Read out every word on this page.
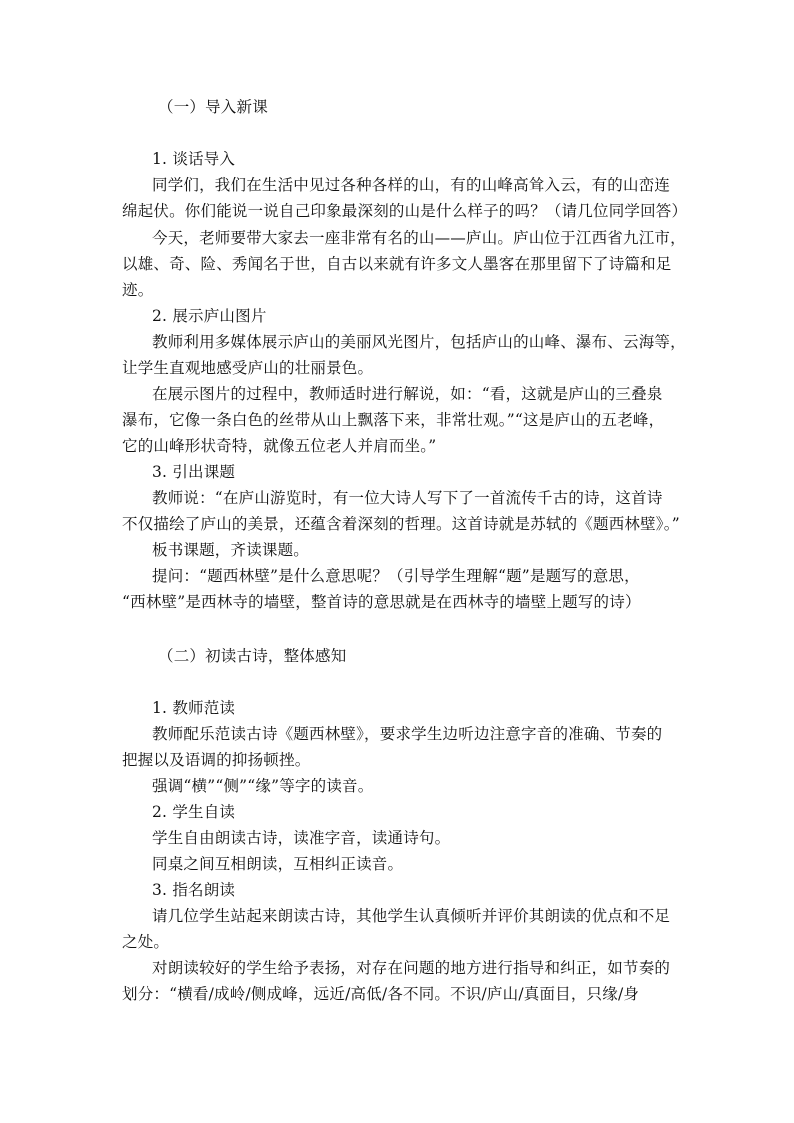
（一）导入新课
1. 谈话导入
同学们，我们在生活中见过各种各样的山，有的山峰高耸入云，有的山峦连
绵起伏。你们能说一说自己印象最深刻的山是什么样子的吗？（请几位同学回答）
今天，老师要带大家去一座非常有名的山——庐山。庐山位于江西省九江市，
以雄、奇、险、秀闻名于世，自古以来就有许多文人墨客在那里留下了诗篇和足
迹。
2. 展示庐山图片
教师利用多媒体展示庐山的美丽风光图片，包括庐山的山峰、瀑布、云海等，
让学生直观地感受庐山的壮丽景色。
在展示图片的过程中，教师适时进行解说，如：“看，这就是庐山的三叠泉
瀑布，它像一条白色的丝带从山上飘落下来，非常壮观。”“这是庐山的五老峰，
它的山峰形状奇特，就像五位老人并肩而坐。”
3. 引出课题
教师说：“在庐山游览时，有一位大诗人写下了一首流传千古的诗，这首诗
不仅描绘了庐山的美景，还蕴含着深刻的哲理。这首诗就是苏轼的《题西林壁》。”
板书课题，齐读课题。
提问：“题西林壁”是什么意思呢？（引导学生理解“题”是题写的意思，
“西林壁”是西林寺的墙壁，整首诗的意思就是在西林寺的墙壁上题写的诗）
（二）初读古诗，整体感知
1. 教师范读
教师配乐范读古诗《题西林壁》，要求学生边听边注意字音的准确、节奏的
把握以及语调的抑扬顿挫。
强调“横”“侧”“缘”等字的读音。
2. 学生自读
学生自由朗读古诗，读准字音，读通诗句。
同桌之间互相朗读，互相纠正读音。
3. 指名朗读
请几位学生站起来朗读古诗，其他学生认真倾听并评价其朗读的优点和不足
之处。
对朗读较好的学生给予表扬，对存在问题的地方进行指导和纠正，如节奏的
划分：“横看/成岭/侧成峰，远近/高低/各不同。不识/庐山/真面目，只缘/身
